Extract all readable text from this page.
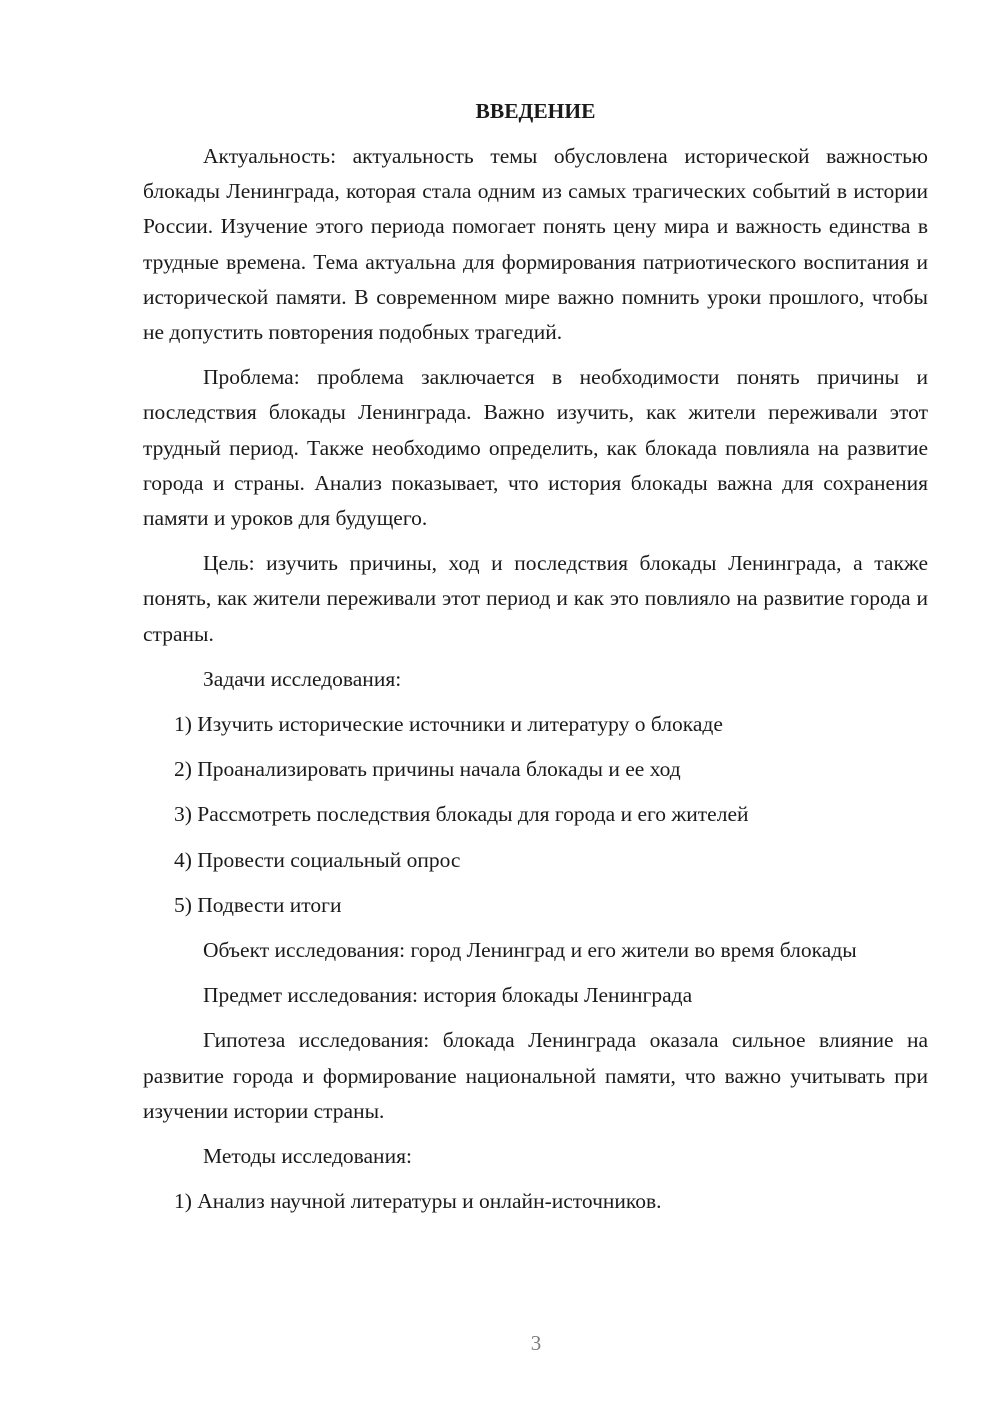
ВВЕДЕНИЕ

Актуальность: актуальность темы обусловлена исторической важностью блокады Ленинграда, которая стала одним из самых трагических событий в истории России. Изучение этого периода помогает понять цену мира и важность единства в трудные времена. Тема актуальна для формирования патриотического воспитания и исторической памяти. В современном мире важно помнить уроки прошлого, чтобы не допустить повторения подобных трагедий.

Проблема: проблема заключается в необходимости понять причины и последствия блокады Ленинграда. Важно изучить, как жители переживали этот трудный период. Также необходимо определить, как блокада повлияла на развитие города и страны. Анализ показывает, что история блокады важна для сохранения памяти и уроков для будущего.

Цель: изучить причины, ход и последствия блокады Ленинграда, а также понять, как жители переживали этот период и как это повлияло на развитие города и страны.

Задачи исследования:

1) Изучить исторические источники и литературу о блокаде

2) Проанализировать причины начала блокады и ее ход

3) Рассмотреть последствия блокады для города и его жителей

4) Провести социальный опрос

5) Подвести итоги

Объект исследования: город Ленинград и его жители во время блокады

Предмет исследования: история блокады Ленинграда

Гипотеза исследования: блокада Ленинграда оказала сильное влияние на развитие города и формирование национальной памяти, что важно учитывать при изучении истории страны.

Методы исследования:

1) Анализ научной литературы и онлайн-источников.

3
